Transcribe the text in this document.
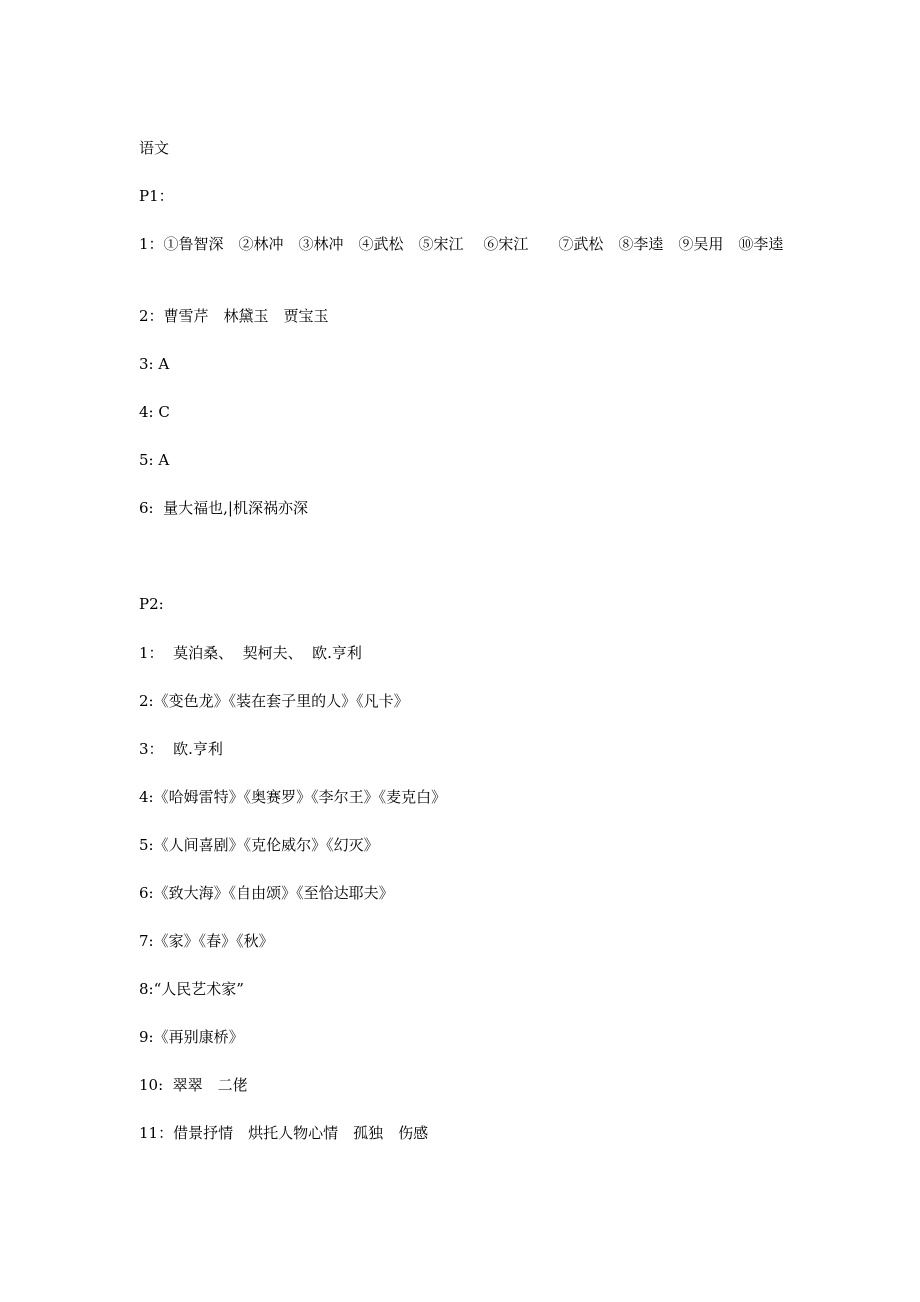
语文
P1：
1：①鲁智深　②林冲　③林冲　④武松　⑤宋江　 ⑥宋江　　⑦武松　⑧李逵　⑨吴用　⑩李逵
2：曹雪芹　林黛玉　贾宝玉
3: A
4: C
5: A
6:  量大福也,|机深祸亦深
P2:
1：  莫泊桑、  契柯夫、  欧.亨利
2:《变色龙》《装在套子里的人》《凡卡》
3：  欧.亨利
4:《哈姆雷特》《奥赛罗》《李尔王》《麦克白》
5:《人间喜剧》《克伦威尔》《幻灭》
6:《致大海》《自由颂》《至恰达耶夫》
7:《家》《春》《秋》
8:“人民艺术家”
9:《再别康桥》
10:  翠翠　二佬
11：借景抒情　烘托人物心情　孤独　伤感
